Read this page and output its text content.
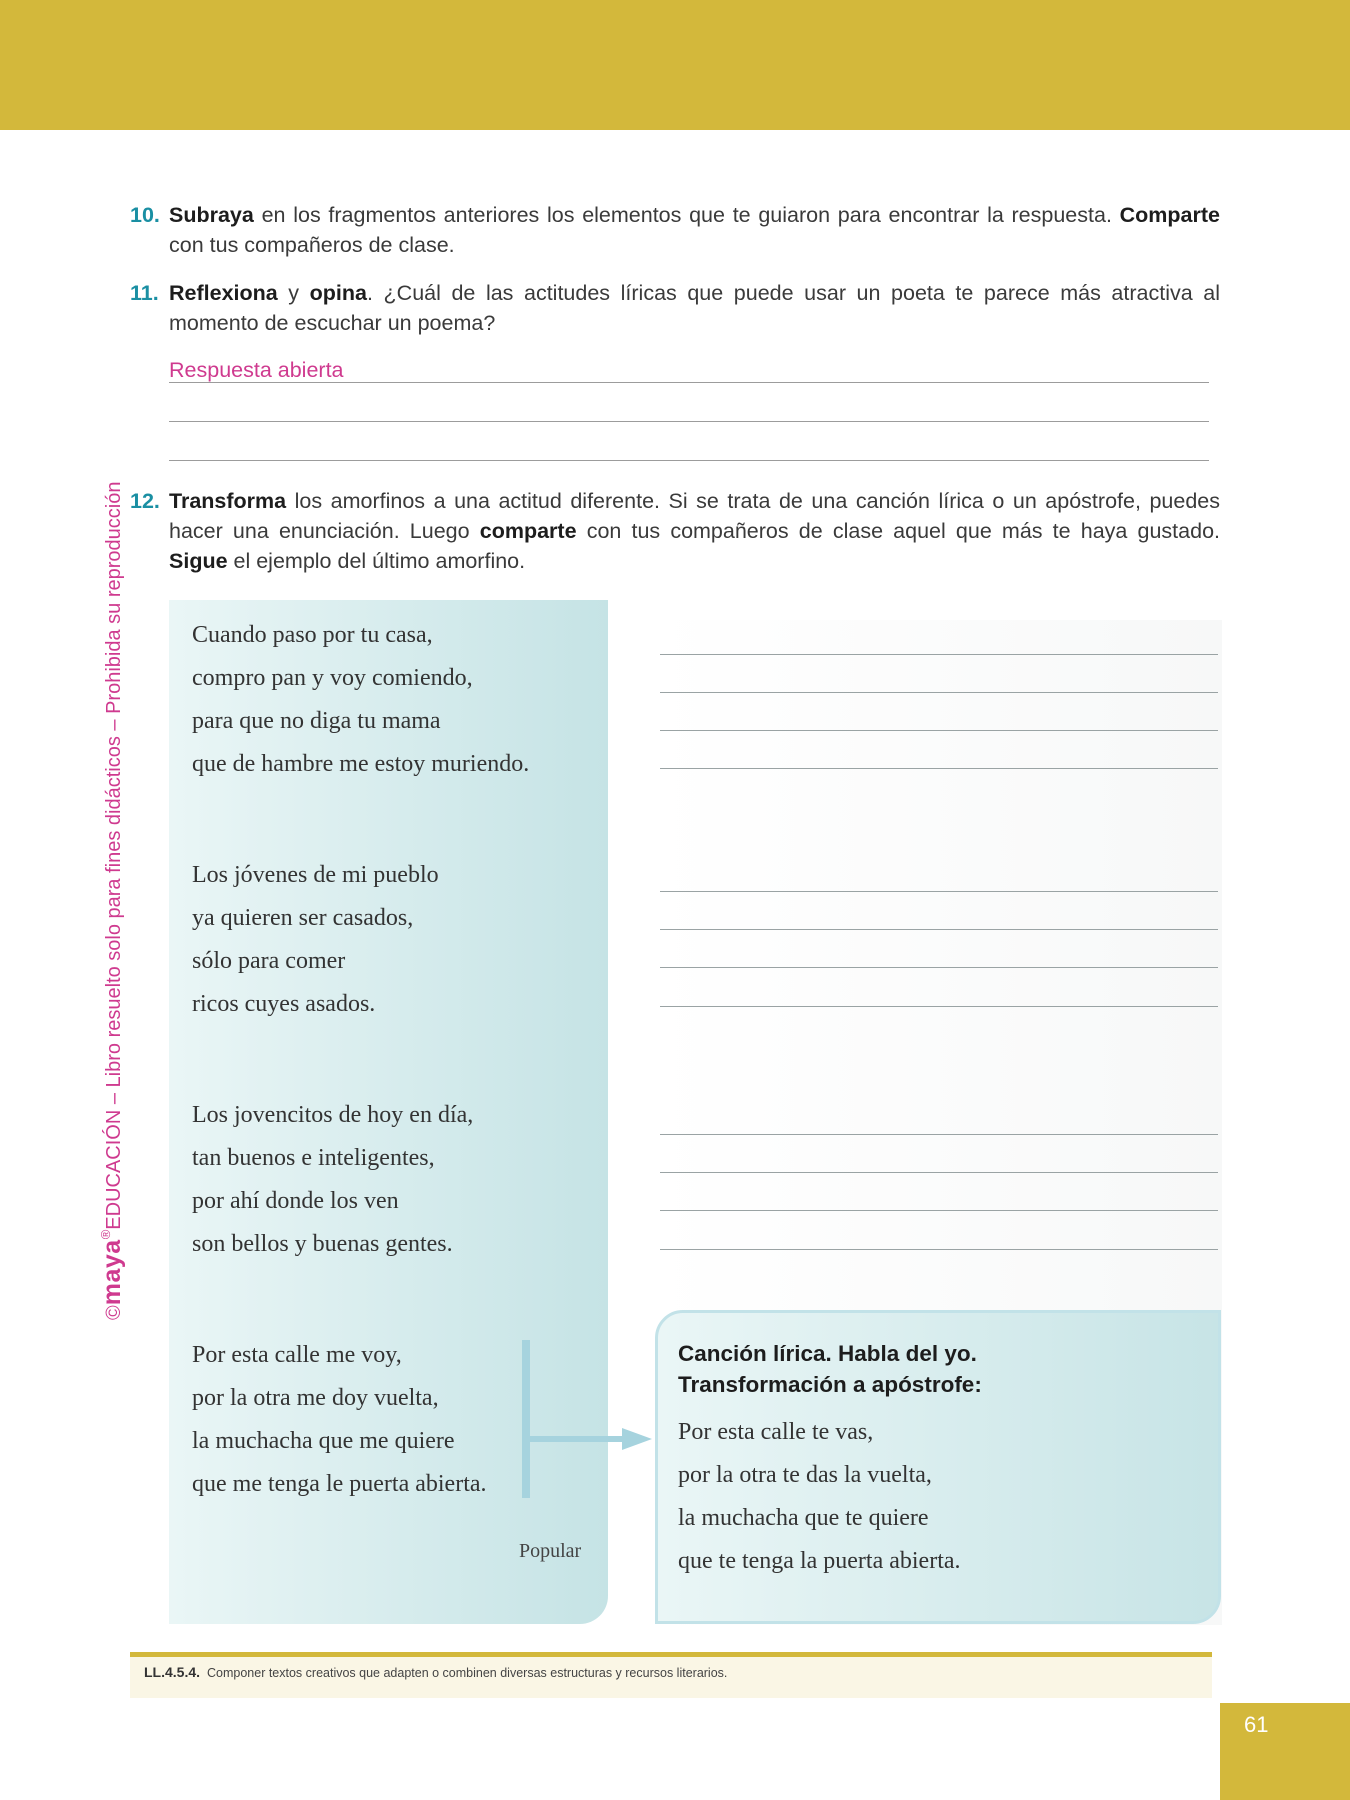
©maya®EDUCACIÓN – Libro resuelto solo para fines didácticos – Prohibida su reproducción
10. Subraya en los fragmentos anteriores los elementos que te guiaron para encontrar la respuesta. Comparte con tus compañeros de clase.
11. Reflexiona y opina. ¿Cuál de las actitudes líricas que puede usar un poeta te parece más atractiva al momento de escuchar un poema?
Respuesta abierta
12. Transforma los amorfinos a una actitud diferente. Si se trata de una canción lírica o un apóstrofe, puedes hacer una enunciación. Luego comparte con tus compañeros de clase aquel que más te haya gustado. Sigue el ejemplo del último amorfino.
Cuando paso por tu casa,
compro pan y voy comiendo,
para que no diga tu mama
que de hambre me estoy muriendo.
Los jóvenes de mi pueblo
ya quieren ser casados,
sólo para comer
ricos cuyes asados.
Los jovencitos de hoy en día,
tan buenos e inteligentes,
por ahí donde los ven
son bellos y buenas gentes.
Por esta calle me voy,
por la otra me doy vuelta,
la muchacha que me quiere
que me tenga le puerta abierta.
Popular
Canción lírica. Habla del yo.
Transformación a apóstrofe:
Por esta calle te vas,
por la otra te das la vuelta,
la muchacha que te quiere
que te tenga la puerta abierta.
LL.4.5.4. Componer textos creativos que adapten o combinen diversas estructuras y recursos literarios.
61
